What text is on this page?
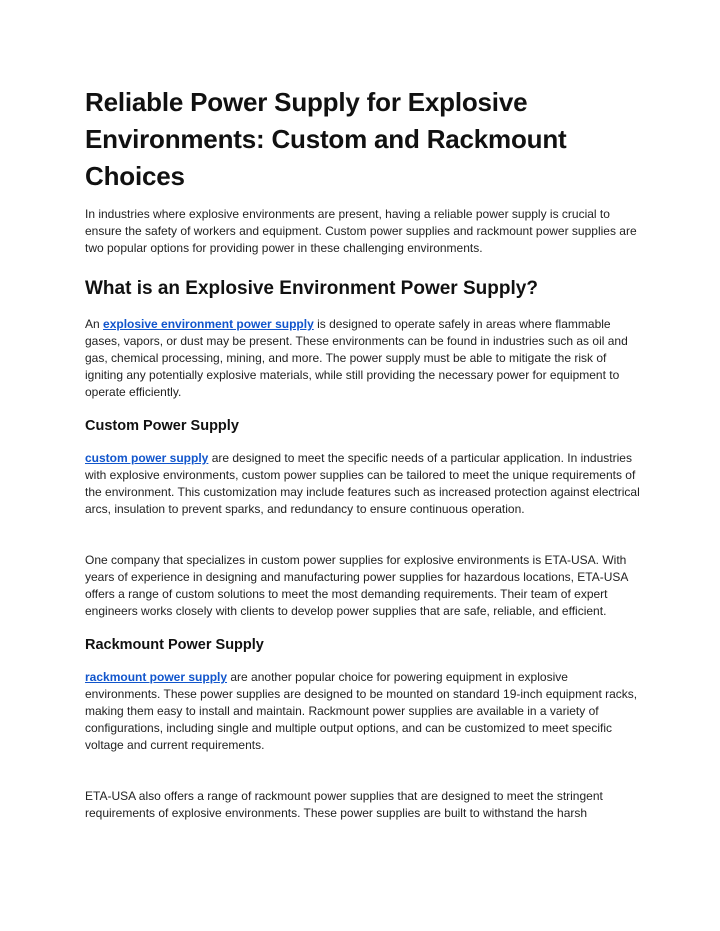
Reliable Power Supply for Explosive Environments: Custom and Rackmount Choices

In industries where explosive environments are present, having a reliable power supply is crucial to ensure the safety of workers and equipment. Custom power supplies and rackmount power supplies are two popular options for providing power in these challenging environments.

What is an Explosive Environment Power Supply?

An explosive environment power supply is designed to operate safely in areas where flammable gases, vapors, or dust may be present. These environments can be found in industries such as oil and gas, chemical processing, mining, and more. The power supply must be able to mitigate the risk of igniting any potentially explosive materials, while still providing the necessary power for equipment to operate efficiently.

Custom Power Supply

custom power supply are designed to meet the specific needs of a particular application. In industries with explosive environments, custom power supplies can be tailored to meet the unique requirements of the environment. This customization may include features such as increased protection against electrical arcs, insulation to prevent sparks, and redundancy to ensure continuous operation.

One company that specializes in custom power supplies for explosive environments is ETA-USA. With years of experience in designing and manufacturing power supplies for hazardous locations, ETA-USA offers a range of custom solutions to meet the most demanding requirements. Their team of expert engineers works closely with clients to develop power supplies that are safe, reliable, and efficient.

Rackmount Power Supply

rackmount power supply are another popular choice for powering equipment in explosive environments. These power supplies are designed to be mounted on standard 19-inch equipment racks, making them easy to install and maintain. Rackmount power supplies are available in a variety of configurations, including single and multiple output options, and can be customized to meet specific voltage and current requirements.

ETA-USA also offers a range of rackmount power supplies that are designed to meet the stringent requirements of explosive environments. These power supplies are built to withstand the harsh
